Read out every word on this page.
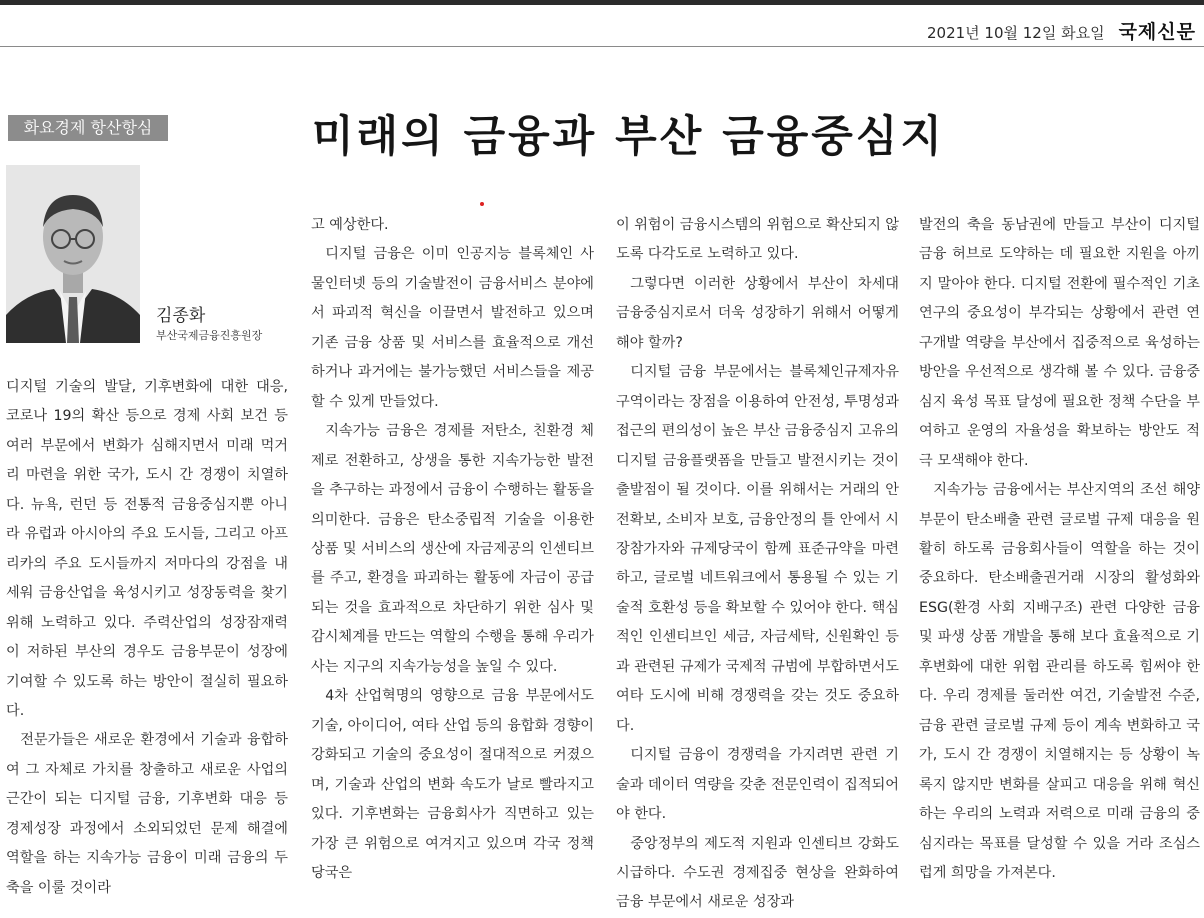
2021년 10월 12일 화요일 국제신문
화요경제 항산항심	미래의 금융과 부산 금융중심지
김종화
부산국제금융진흥원장

디지털 기술의 발달, 기후변화에 대한 대응, 코로나 19의 확산 등으로 경제 사회 보건 등 여러 부문에서 변화가 심해지면서 미래 먹거리 마련을 위한 국가, 도시 간 경쟁이 치열하다. 뉴욕, 런던 등 전통적 금융중심지뿐 아니라 유럽과 아시아의 주요 도시들, 그리고 아프리카의 주요 도시들까지 저마다의 강점을 내세워 금융산업을 육성시키고 성장동력을 찾기 위해 노력하고 있다. 주력산업의 성장잠재력이 저하된 부산의 경우도 금융부문이 성장에 기여할 수 있도록 하는 방안이 절실히 필요하다.

전문가들은 새로운 환경에서 기술과 융합하여 그 자체로 가치를 창출하고 새로운 사업의 근간이 되는 디지털 금융, 기후변화 대응 등 경제성장 과정에서 소외되었던 문제 해결에 역할을 하는 지속가능 금융이 미래 금융의 두 축을 이룰 것이라

고 예상한다.

디지털 금융은 이미 인공지능 블록체인 사물인터넷 등의 기술발전이 금융서비스 분야에서 파괴적 혁신을 이끌면서 발전하고 있으며 기존 금융 상품 및 서비스를 효율적으로 개선하거나 과거에는 불가능했던 서비스들을 제공할 수 있게 만들었다.

지속가능 금융은 경제를 저탄소, 친환경 체제로 전환하고, 상생을 통한 지속가능한 발전을 추구하는 과정에서 금융이 수행하는 활동을 의미한다. 금융은 탄소중립적 기술을 이용한 상품 및 서비스의 생산에 자금제공의 인센티브를 주고, 환경을 파괴하는 활동에 자금이 공급되는 것을 효과적으로 차단하기 위한 심사 및 감시체계를 만드는 역할의 수행을 통해 우리가 사는 지구의 지속가능성을 높일 수 있다.

4차 산업혁명의 영향으로 금융 부문에서도 기술, 아이디어, 여타 산업 등의 융합화 경향이 강화되고 기술의 중요성이 절대적으로 커졌으며, 기술과 산업의 변화 속도가 날로 빨라지고 있다. 기후변화는 금융회사가 직면하고 있는 가장 큰 위험으로 여겨지고 있으며 각국 정책당국은

이 위험이 금융시스템의 위험으로 확산되지 않도록 다각도로 노력하고 있다.

그렇다면 이러한 상황에서 부산이 차세대 금융중심지로서 더욱 성장하기 위해서 어떻게 해야 할까?

디지털 금융 부문에서는 블록체인규제자유구역이라는 장점을 이용하여 안전성, 투명성과 접근의 편의성이 높은 부산 금융중심지 고유의 디지털 금융플랫폼을 만들고 발전시키는 것이 출발점이 될 것이다. 이를 위해서는 거래의 안전확보, 소비자 보호, 금융안정의 틀 안에서 시장참가자와 규제당국이 함께 표준규약을 마련하고, 글로벌 네트워크에서 통용될 수 있는 기술적 호환성 등을 확보할 수 있어야 한다. 핵심적인 인센티브인 세금, 자금세탁, 신원확인 등과 관련된 규제가 국제적 규범에 부합하면서도 여타 도시에 비해 경쟁력을 갖는 것도 중요하다.

디지털 금융이 경쟁력을 가지려면 관련 기술과 데이터 역량을 갖춘 전문인력이 집적되어야 한다.

중앙정부의 제도적 지원과 인센티브 강화도 시급하다. 수도권 경제집중 현상을 완화하여 금융 부문에서 새로운 성장과

발전의 축을 동남권에 만들고 부산이 디지털 금융 허브로 도약하는 데 필요한 지원을 아끼지 말아야 한다. 디지털 전환에 필수적인 기초연구의 중요성이 부각되는 상황에서 관련 연구개발 역량을 부산에서 집중적으로 육성하는 방안을 우선적으로 생각해 볼 수 있다. 금융중심지 육성 목표 달성에 필요한 정책 수단을 부여하고 운영의 자율성을 확보하는 방안도 적극 모색해야 한다.

지속가능 금융에서는 부산지역의 조선 해양부문이 탄소배출 관련 글로벌 규제 대응을 원활히 하도록 금융회사들이 역할을 하는 것이 중요하다. 탄소배출권거래 시장의 활성화와 ESG(환경 사회 지배구조) 관련 다양한 금융 및 파생 상품 개발을 통해 보다 효율적으로 기후변화에 대한 위험 관리를 하도록 힘써야 한다. 우리 경제를 둘러싼 여건, 기술발전 수준, 금융 관련 글로벌 규제 등이 계속 변화하고 국가, 도시 간 경쟁이 치열해지는 등 상황이 녹록지 않지만 변화를 살피고 대응을 위해 혁신하는 우리의 노력과 저력으로 미래 금융의 중심지라는 목표를 달성할 수 있을 거라 조심스럽게 희망을 가져본다.
